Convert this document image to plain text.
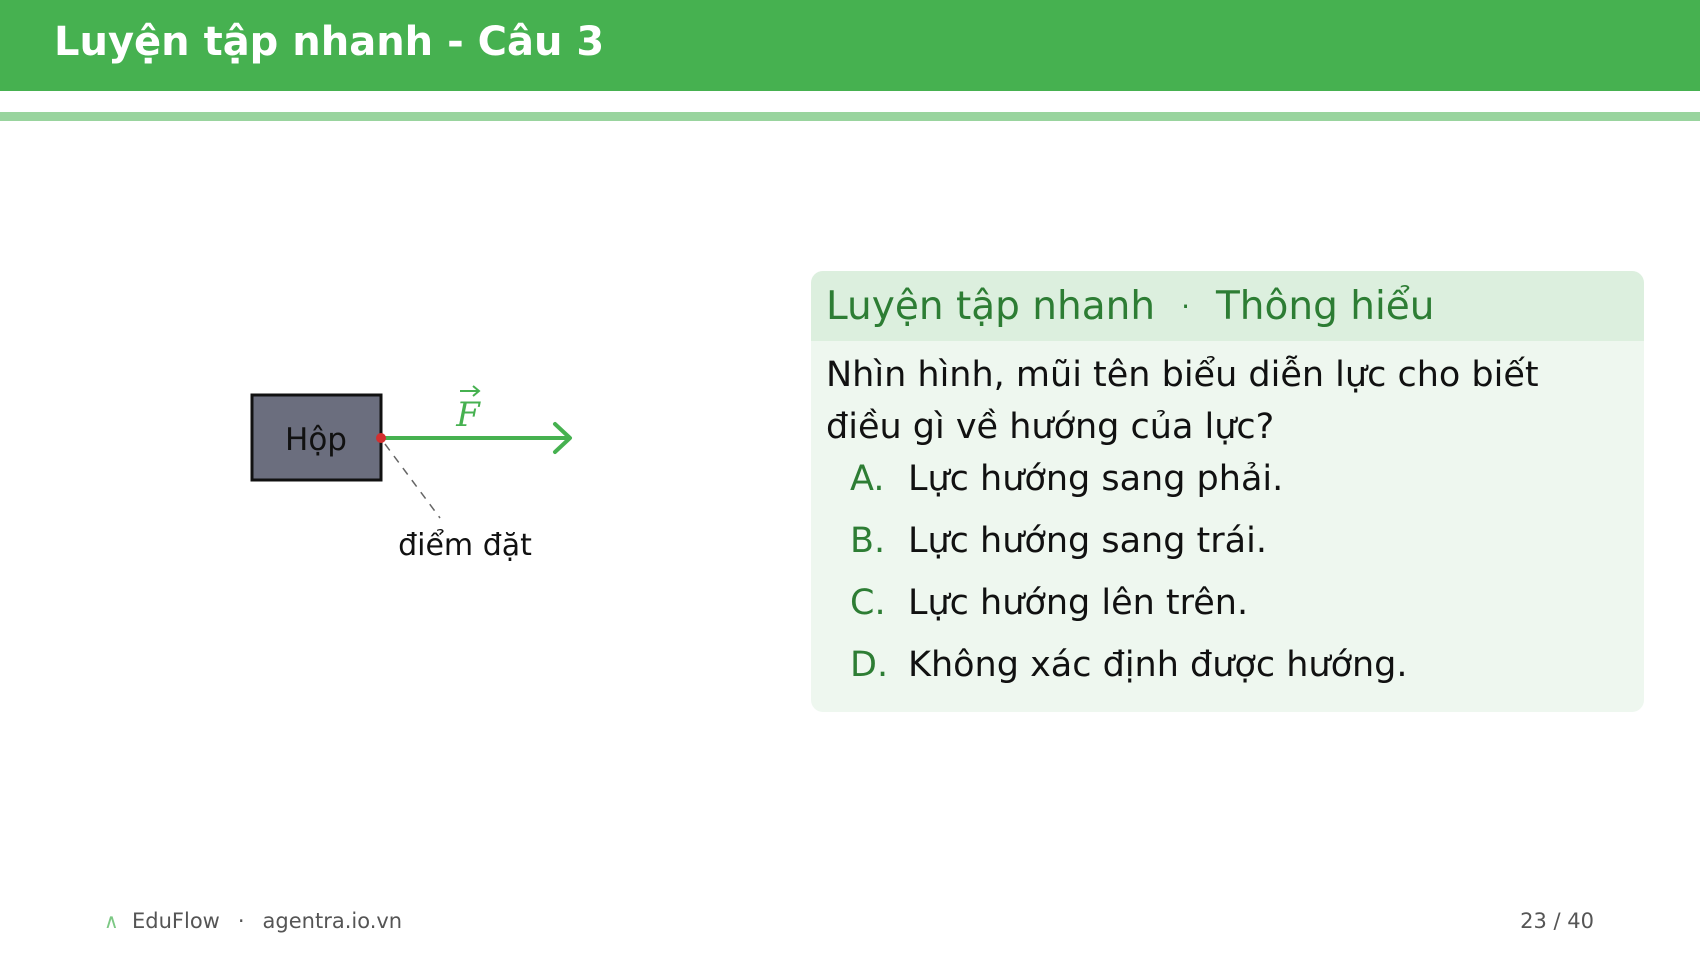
Luyện tập nhanh - Câu 3
Hộp
F
điểm đặt
Luyện tập nhanh · Thông hiểu

Nhìn hình, mũi tên biểu diễn lực cho biết điều gì về hướng của lực?

A. Lực hướng sang phải.
B. Lực hướng sang trái.
C. Lực hướng lên trên.
D. Không xác định được hướng.
∧ EduFlow · agentra.io.vn	23 / 40
